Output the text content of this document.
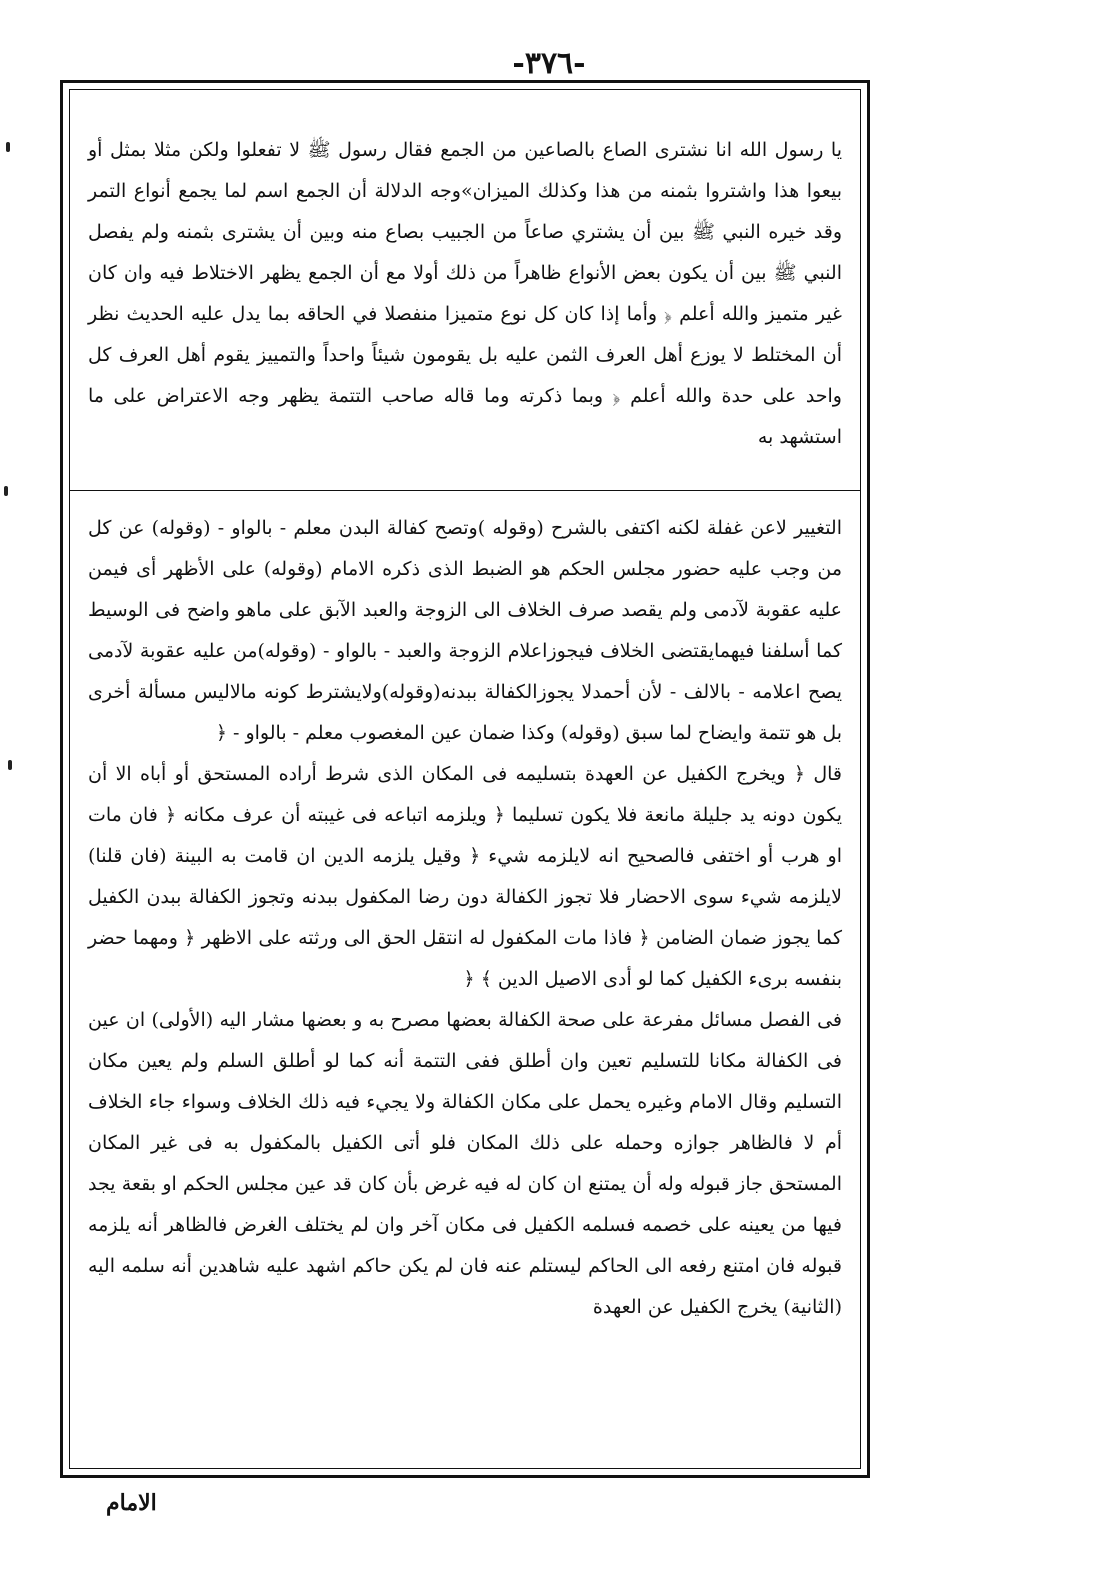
-٣٧٦-

يا رسول الله انا نشترى الصاع بالصاعين من الجمع فقال رسول ﷺ لا تفعلوا ولكن مثلا بمثل أو بيعوا هذا واشتروا بثمنه من هذا وكذلك الميزان»وجه الدلالة أن الجمع اسم لما يجمع أنواع التمر وقد خيره النبي ﷺ بين أن يشتري صاعاً من الجبيب بصاع منه وبين أن يشترى بثمنه ولم يفصل النبي ﷺ بين أن يكون بعض الأنواع ظاهراً من ذلك أولا مع أن الجمع يظهر الاختلاط فيه وان كان غير متميز والله أعلم ﴿ وأما إذا كان كل نوع متميزا منفصلا في الحاقه بما يدل عليه الحديث نظر أن المختلط لا يوزع أهل العرف الثمن عليه بل يقومون شيئاً واحداً والتمييز يقوم أهل العرف كل واحد على حدة والله أعلم ﴿ وبما ذكرته وما قاله صاحب التتمة يظهر وجه الاعتراض على ما استشهد به

التغيير لاعن غفلة لكنه اكتفى بالشرح (وقوله )وتصح كفالة البدن معلم - بالواو - (وقوله) عن كل من وجب عليه حضور مجلس الحكم هو الضبط الذى ذكره الامام (وقوله) على الأظهر أى فيمن عليه عقوبة لآدمى ولم يقصد صرف الخلاف الى الزوجة والعبد الآبق على ماهو واضح فى الوسيط كما أسلفنا فيهمايقتضى الخلاف فيجوزاعلام الزوجة والعبد - بالواو - (وقوله)من عليه عقوبة لآدمى يصح اعلامه - بالالف - لأن أحمدلا يجوزالكفالة ببدنه(وقوله)ولايشترط كونه مالاليس مسألة أخرى بل هو تتمة وايضاح لما سبق (وقوله) وكذا ضمان عين المغصوب معلم - بالواو - ﴿

قال ﴿ ويخرج الكفيل عن العهدة بتسليمه فى المكان الذى شرط أراده المستحق أو أباه الا أن يكون دونه يد جليلة مانعة فلا يكون تسليما ﴿ ويلزمه اتباعه فى غيبته أن عرف مكانه ﴿ فان مات او هرب أو اختفى فالصحيح انه لايلزمه شيء ﴿ وقيل يلزمه الدين ان قامت به البينة (فان قلنا) لايلزمه شيء سوى الاحضار فلا تجوز الكفالة دون رضا المكفول ببدنه وتجوز الكفالة ببدن الكفيل كما يجوز ضمان الضامن ﴿ فاذا مات المكفول له انتقل الحق الى ورثته على الاظهر ﴿ ومهما حضر بنفسه برىء الكفيل كما لو أدى الاصيل الدين ﴾ ﴿

فى الفصل مسائل مفرعة على صحة الكفالة بعضها مصرح به و بعضها مشار اليه (الأولى) ان عين فى الكفالة مكانا للتسليم تعين وان أطلق ففى التتمة أنه كما لو أطلق السلم ولم يعين مكان التسليم وقال الامام وغيره يحمل على مكان الكفالة ولا يجيء فيه ذلك الخلاف وسواء جاء الخلاف أم لا فالظاهر جوازه وحمله على ذلك المكان فلو أتى الكفيل بالمكفول به فى غير المكان المستحق جاز قبوله وله أن يمتنع ان كان له فيه غرض بأن كان قد عين مجلس الحكم او بقعة يجد فيها من يعينه على خصمه فسلمه الكفيل فى مكان آخر وان لم يختلف الغرض فالظاهر أنه يلزمه قبوله فان امتنع رفعه الى الحاكم ليستلم عنه فان لم يكن حاكم اشهد عليه شاهدين أنه سلمه اليه (الثانية) يخرج الكفيل عن العهدة

الامام
